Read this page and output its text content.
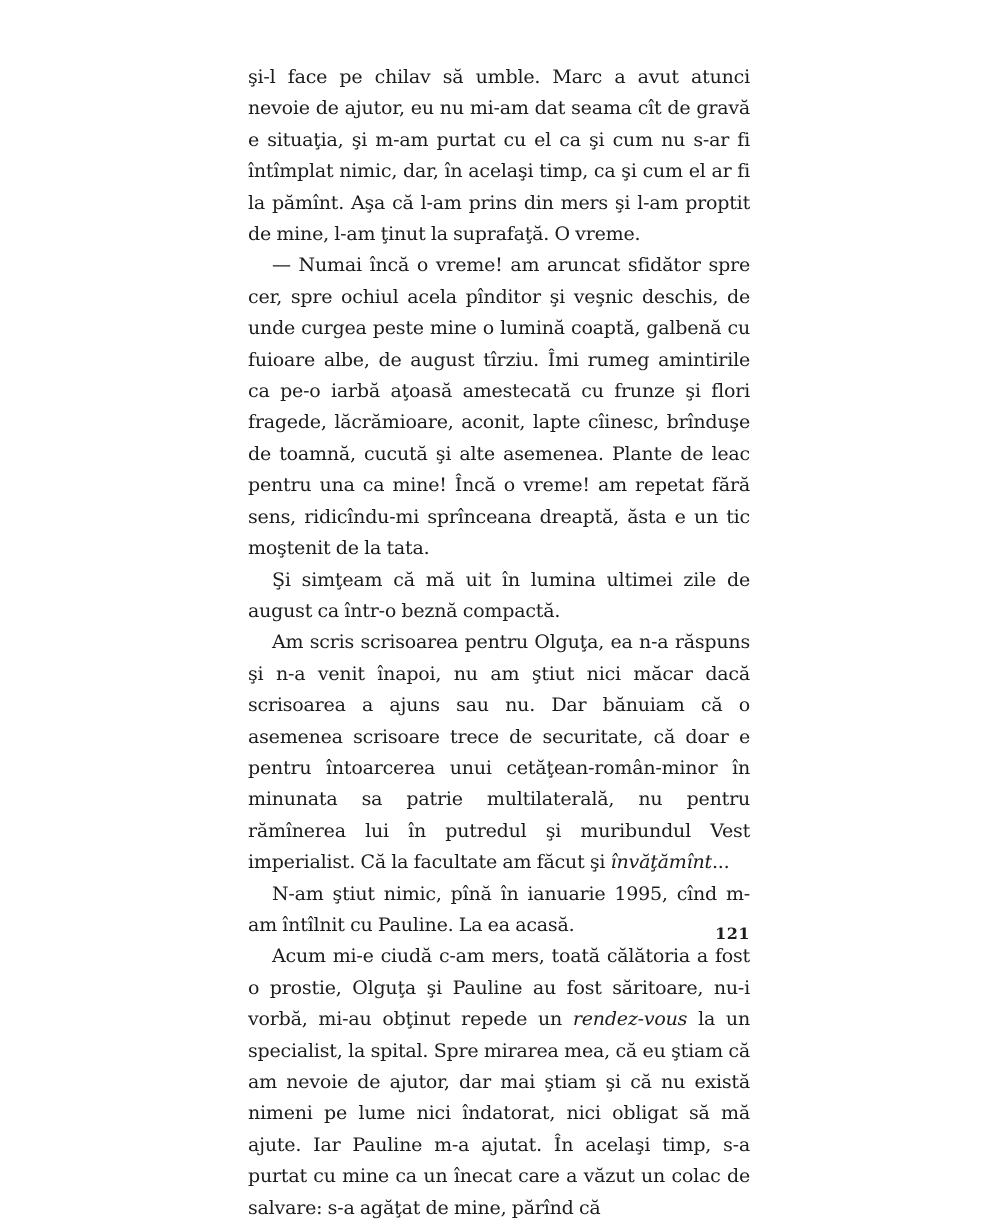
şi-l face pe chilav să umble. Marc a avut atunci nevoie de ajutor, eu nu mi-am dat seama cît de gravă e situaţia, şi m-am purtat cu el ca şi cum nu s-ar fi întîmplat nimic, dar, în acelaşi timp, ca şi cum el ar fi la pămînt. Aşa că l-am prins din mers şi l-am proptit de mine, l-am ţinut la suprafaţă. O vreme.

— Numai încă o vreme! am aruncat sfidător spre cer, spre ochiul acela pînditor şi veşnic deschis, de unde curgea peste mine o lumină coaptă, galbenă cu fuioare albe, de august tîrziu. Îmi rumeg amintirile ca pe-o iarbă aţoasă amestecată cu frunze şi flori fragede, lăcrămioare, aconit, lapte cîinesc, brînduşe de toamnă, cucută şi alte asemenea. Plante de leac pentru una ca mine! Încă o vreme! am repetat fără sens, ridicîndu-mi sprînceana dreaptă, ăsta e un tic moştenit de la tata.

Şi simţeam că mă uit în lumina ultimei zile de august ca într-o beznă compactă.

Am scris scrisoarea pentru Olguţa, ea n-a răspuns şi n-a venit înapoi, nu am ştiut nici măcar dacă scrisoarea a ajuns sau nu. Dar bănuiam că o asemenea scrisoare trece de securitate, că doar e pentru întoarcerea unui cetăţean-român-minor în minunata sa patrie multilaterală, nu pentru rămînerea lui în putredul şi muribundul Vest imperialist. Că la facultate am făcut şi învăţămînt...

N-am ştiut nimic, pînă în ianuarie 1995, cînd m-am întîlnit cu Pauline. La ea acasă.

Acum mi-e ciudă c-am mers, toată călătoria a fost o prostie, Olguţa şi Pauline au fost săritoare, nu-i vorbă, mi-au obţinut repede un rendez-vous la un specialist, la spital. Spre mirarea mea, că eu ştiam că am nevoie de ajutor, dar mai ştiam şi că nu există nimeni pe lume nici îndatorat, nici obligat să mă ajute. Iar Pauline m-a ajutat. În acelaşi timp, s-a purtat cu mine ca un înecat care a văzut un colac de salvare: s-a agăţat de mine, părînd că

121
